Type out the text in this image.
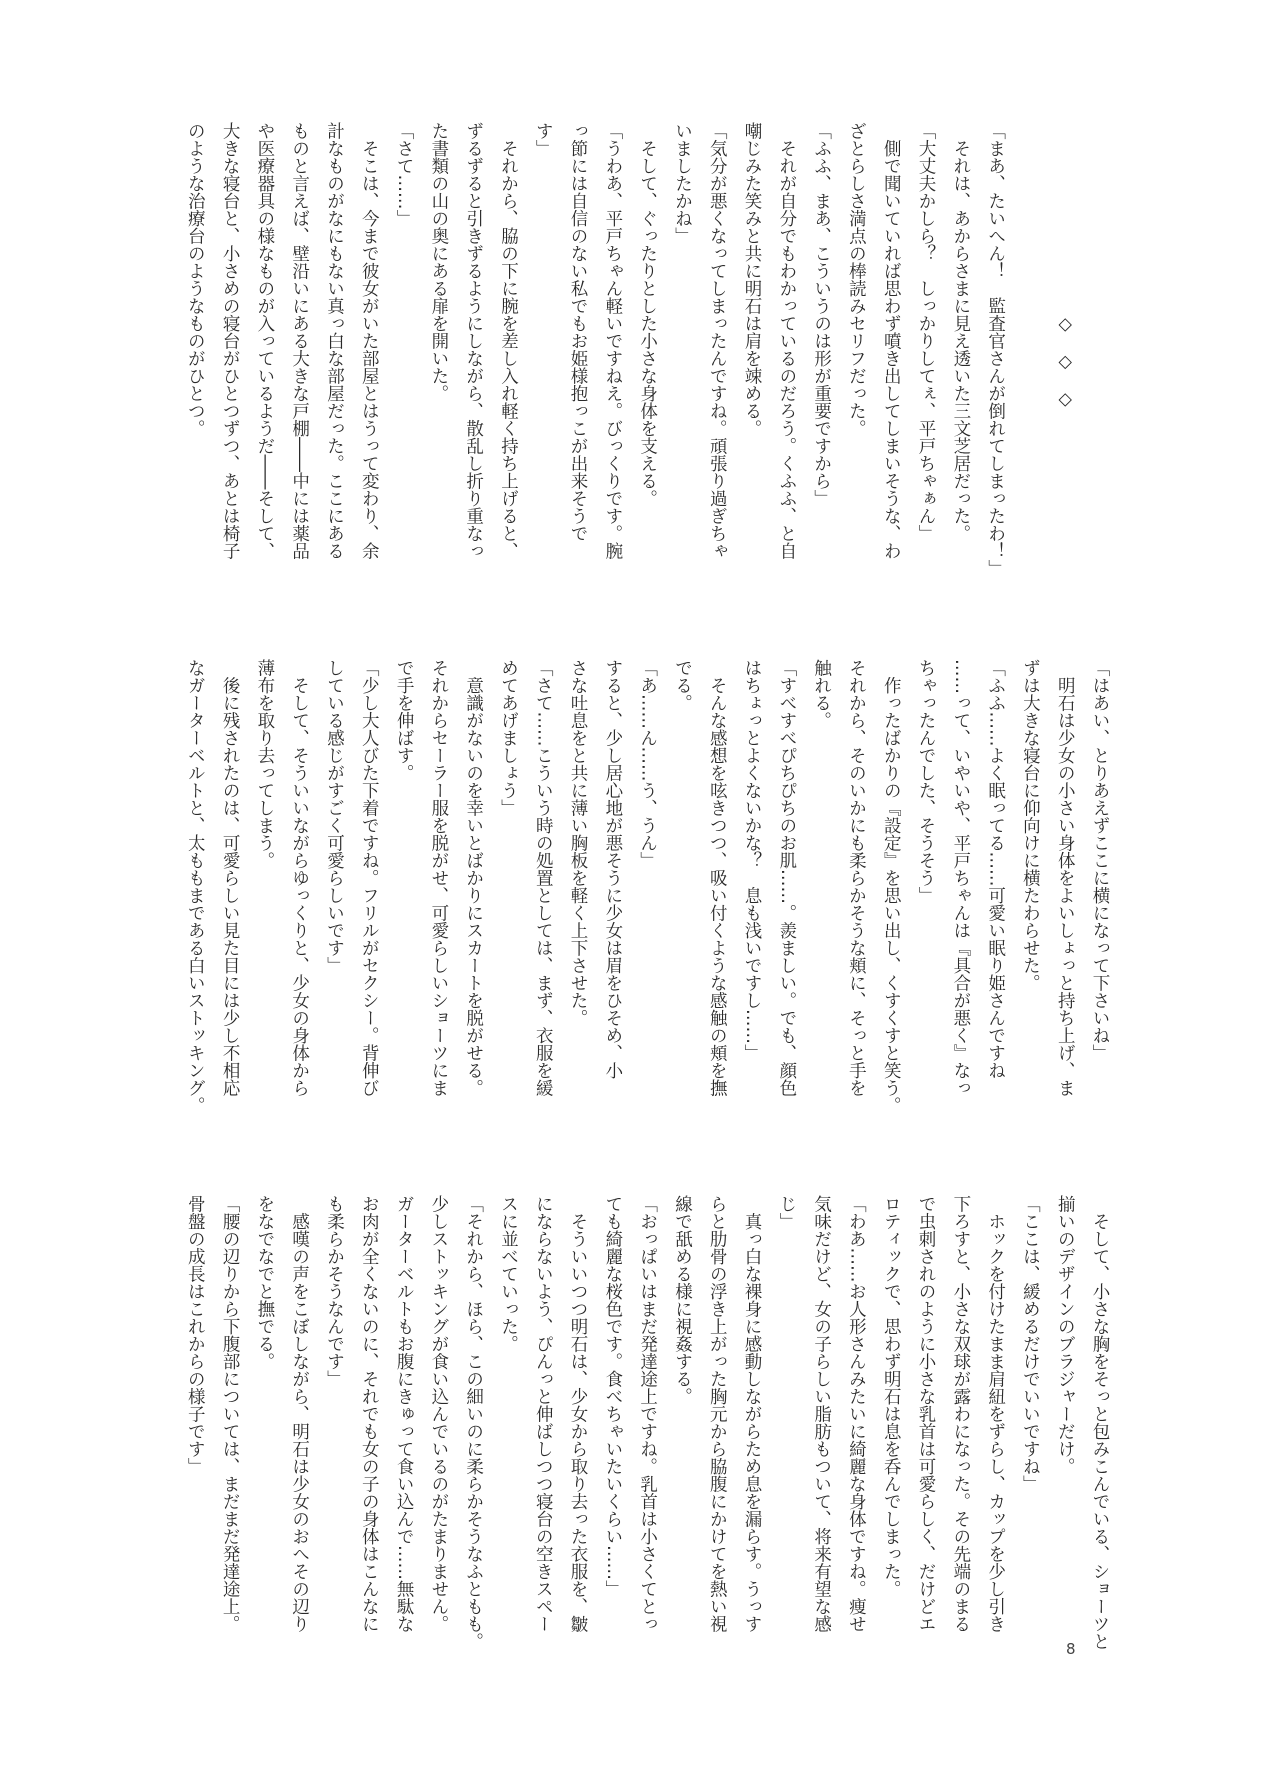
　　　　　　　　　　　◇　◇　◇
「まあ、たいへん！　監査官さんが倒れてしまったわ！」
　それは、あからさまに見え透いた三文芝居だった。
「大丈夫かしら？　しっかりしてぇ、平戸ちゃぁん」
　側で聞いていれば思わず噴き出してしまいそうな、わ
ざとらしさ満点の棒読みセリフだった。
「ふふ、まあ、こういうのは形が重要ですから」
　それが自分でもわかっているのだろう。くふふ、と自
嘲じみた笑みと共に明石は肩を竦める。
「気分が悪くなってしまったんですね。頑張り過ぎちゃ
いましたかね」
　そして、ぐったりとした小さな身体を支える。
「うわあ、平戸ちゃん軽いですねえ。びっくりです。腕
っ節には自信のない私でもお姫様抱っこが出来そうで
す」
　それから、脇の下に腕を差し入れ軽く持ち上げると、
ずるずると引きずるようにしながら、散乱し折り重なっ
た書類の山の奥にある扉を開いた。
「さて……」
　そこは、今まで彼女がいた部屋とはうって変わり、余
計なものがなにもない真っ白な部屋だった。ここにある
ものと言えば、壁沿いにある大きな戸棚――中には薬品
や医療器具の様なものが入っているようだ――そして、
大きな寝台と、小さめの寝台がひとつずつ、あとは椅子
のような治療台のようなものがひとつ。
「はあい、とりあえずここに横になって下さいね」
　明石は少女の小さい身体をよいしょっと持ち上げ、ま
ずは大きな寝台に仰向けに横たわらせた。
「ふふ……よく眠ってる……可愛い眠り姫さんですね
……って、いやいや、平戸ちゃんは『具合が悪く』なっ
ちゃったんでした、そうそう」
　作ったばかりの『設定』を思い出し、くすくすと笑う。
それから、そのいかにも柔らかそうな頬に、そっと手を
触れる。
「すべすべぴちぴちのお肌……。羨ましい。でも、顔色
はちょっとよくないかな？　息も浅いですし……」
　そんな感想を呟きつつ、吸い付くような感触の頬を撫
でる。
「あ……ん……う、うん」
すると、少し居心地が悪そうに少女は眉をひそめ、小
さな吐息をと共に薄い胸板を軽く上下させた。
「さて……こういう時の処置としては、まず、衣服を緩
めてあげましょう」
　意識がないのを幸いとばかりにスカートを脱がせる。
それからセーラー服を脱がせ、可愛らしいショーツにま
で手を伸ばす。
「少し大人びた下着ですね。フリルがセクシー。背伸び
している感じがすごく可愛らしいです」
　そして、そういいながらゆっくりと、少女の身体から
薄布を取り去ってしまう。
　後に残されたのは、可愛らしい見た目には少し不相応
なガーターベルトと、太ももまである白いストッキング。
　そして、小さな胸をそっと包みこんでいる、ショーツと
揃いのデザインのブラジャーだけ。
「ここは、緩めるだけでいいですね」
　ホックを付けたまま肩紐をずらし、カップを少し引き
下ろすと、小さな双球が露わになった。その先端のまる
で虫刺されのように小さな乳首は可愛らしく、だけどエ
ロティックで、思わず明石は息を呑んでしまった。
「わあ……お人形さんみたいに綺麗な身体ですね。痩せ
気味だけど、女の子らしい脂肪もついて、将来有望な感
じ」
　真っ白な裸身に感動しながらため息を漏らす。うっす
らと肋骨の浮き上がった胸元から脇腹にかけてを熱い視
線で舐める様に視姦する。
「おっぱいはまだ発達途上ですね。乳首は小さくてとっ
ても綺麗な桜色です。食べちゃいたいくらい……」
　そういいつつ明石は、少女から取り去った衣服を、皺
にならないよう、ぴんっと伸ばしつつ寝台の空きスペー
スに並べていった。
「それから、ほら、この細いのに柔らかそうなふともも。
少しストッキングが食い込んでいるのがたまりません。
ガーターベルトもお腹にきゅって食い込んで……無駄な
お肉が全くないのに、それでも女の子の身体はこんなに
も柔らかそうなんです」
　感嘆の声をこぼしながら、明石は少女のおへその辺り
をなでなでと撫でる。
「腰の辺りから下腹部については、まだまだ発達途上。
骨盤の成長はこれからの様子です」
8
